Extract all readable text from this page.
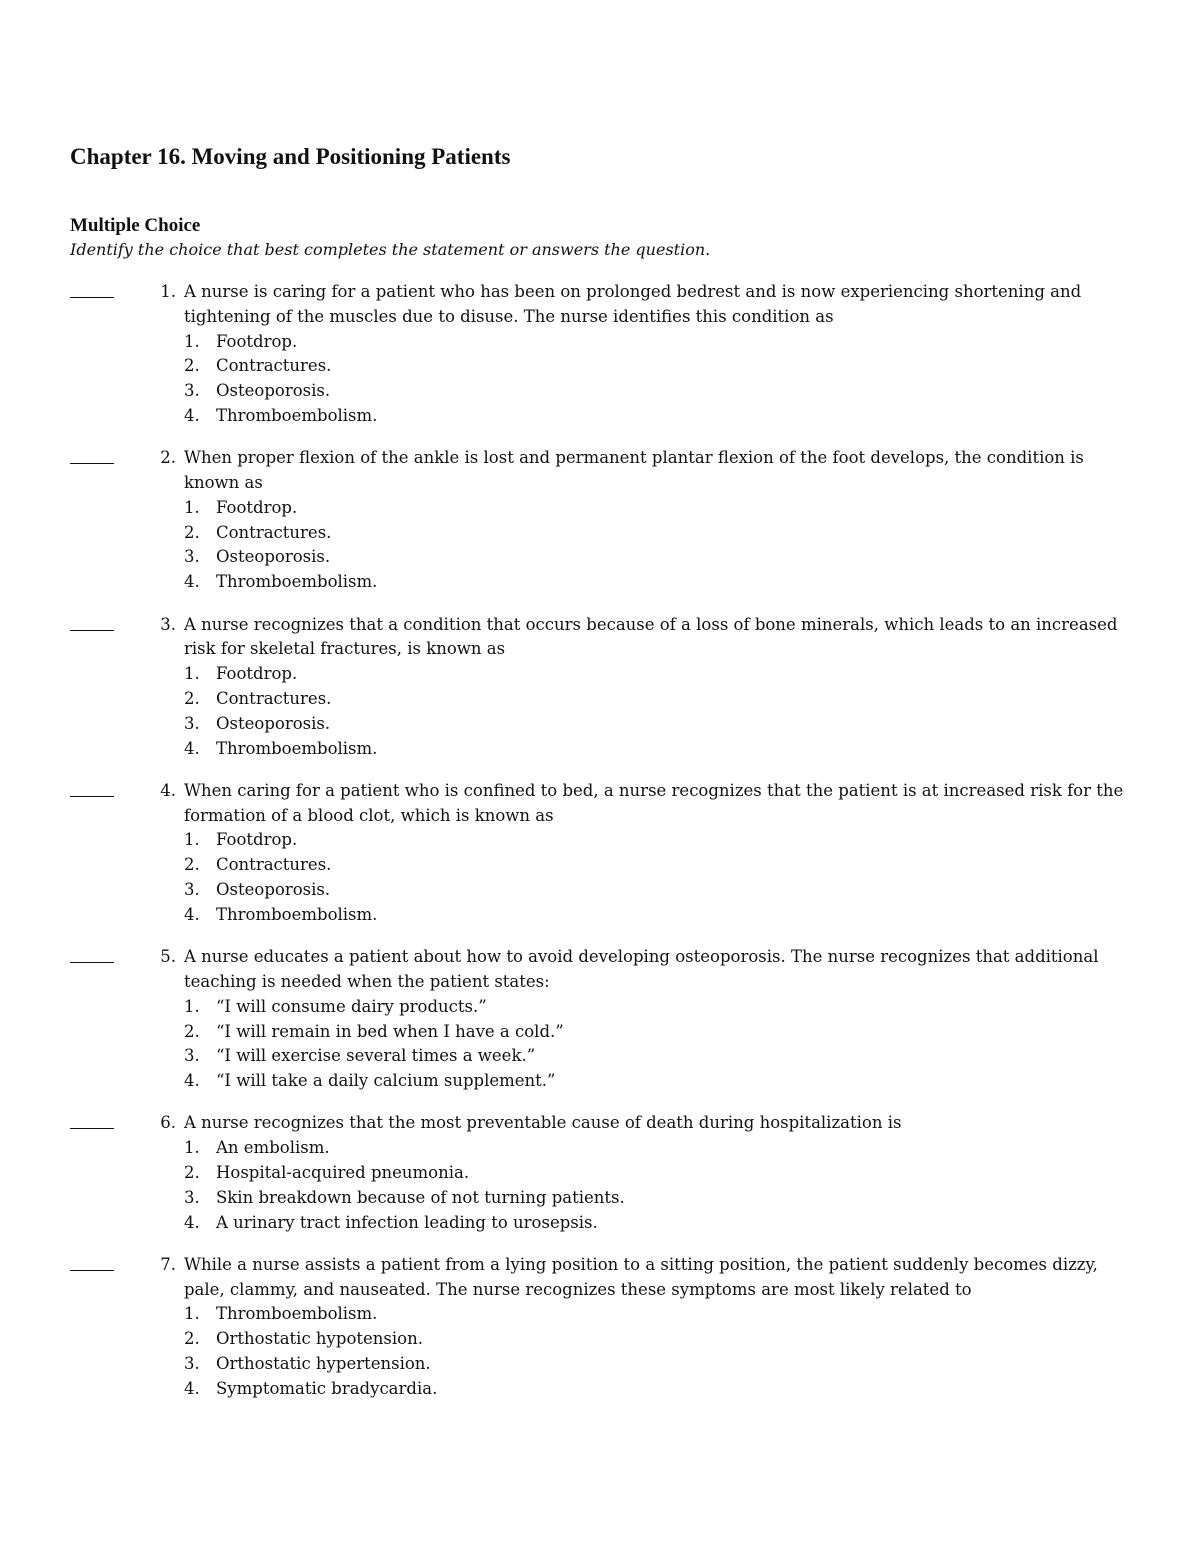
Chapter 16. Moving and Positioning Patients
Multiple Choice

Identify the choice that best completes the statement or answers the question.

1. A nurse is caring for a patient who has been on prolonged bedrest and is now experiencing shortening and tightening of the muscles due to disuse. The nurse identifies this condition as
1. Footdrop.
2. Contractures.
3. Osteoporosis.
4. Thromboembolism.
2. When proper flexion of the ankle is lost and permanent plantar flexion of the foot develops, the condition is known as
1. Footdrop.
2. Contractures.
3. Osteoporosis.
4. Thromboembolism.
3. A nurse recognizes that a condition that occurs because of a loss of bone minerals, which leads to an increased risk for skeletal fractures, is known as
1. Footdrop.
2. Contractures.
3. Osteoporosis.
4. Thromboembolism.
4. When caring for a patient who is confined to bed, a nurse recognizes that the patient is at increased risk for the formation of a blood clot, which is known as
1. Footdrop.
2. Contractures.
3. Osteoporosis.
4. Thromboembolism.
5. A nurse educates a patient about how to avoid developing osteoporosis. The nurse recognizes that additional teaching is needed when the patient states:
1. “I will consume dairy products.”
2. “I will remain in bed when I have a cold.”
3. “I will exercise several times a week.”
4. “I will take a daily calcium supplement.”
6. A nurse recognizes that the most preventable cause of death during hospitalization is
1. An embolism.
2. Hospital-acquired pneumonia.
3. Skin breakdown because of not turning patients.
4. A urinary tract infection leading to urosepsis.
7. While a nurse assists a patient from a lying position to a sitting position, the patient suddenly becomes dizzy, pale, clammy, and nauseated. The nurse recognizes these symptoms are most likely related to
1. Thromboembolism.
2. Orthostatic hypotension.
3. Orthostatic hypertension.
4. Symptomatic bradycardia.
